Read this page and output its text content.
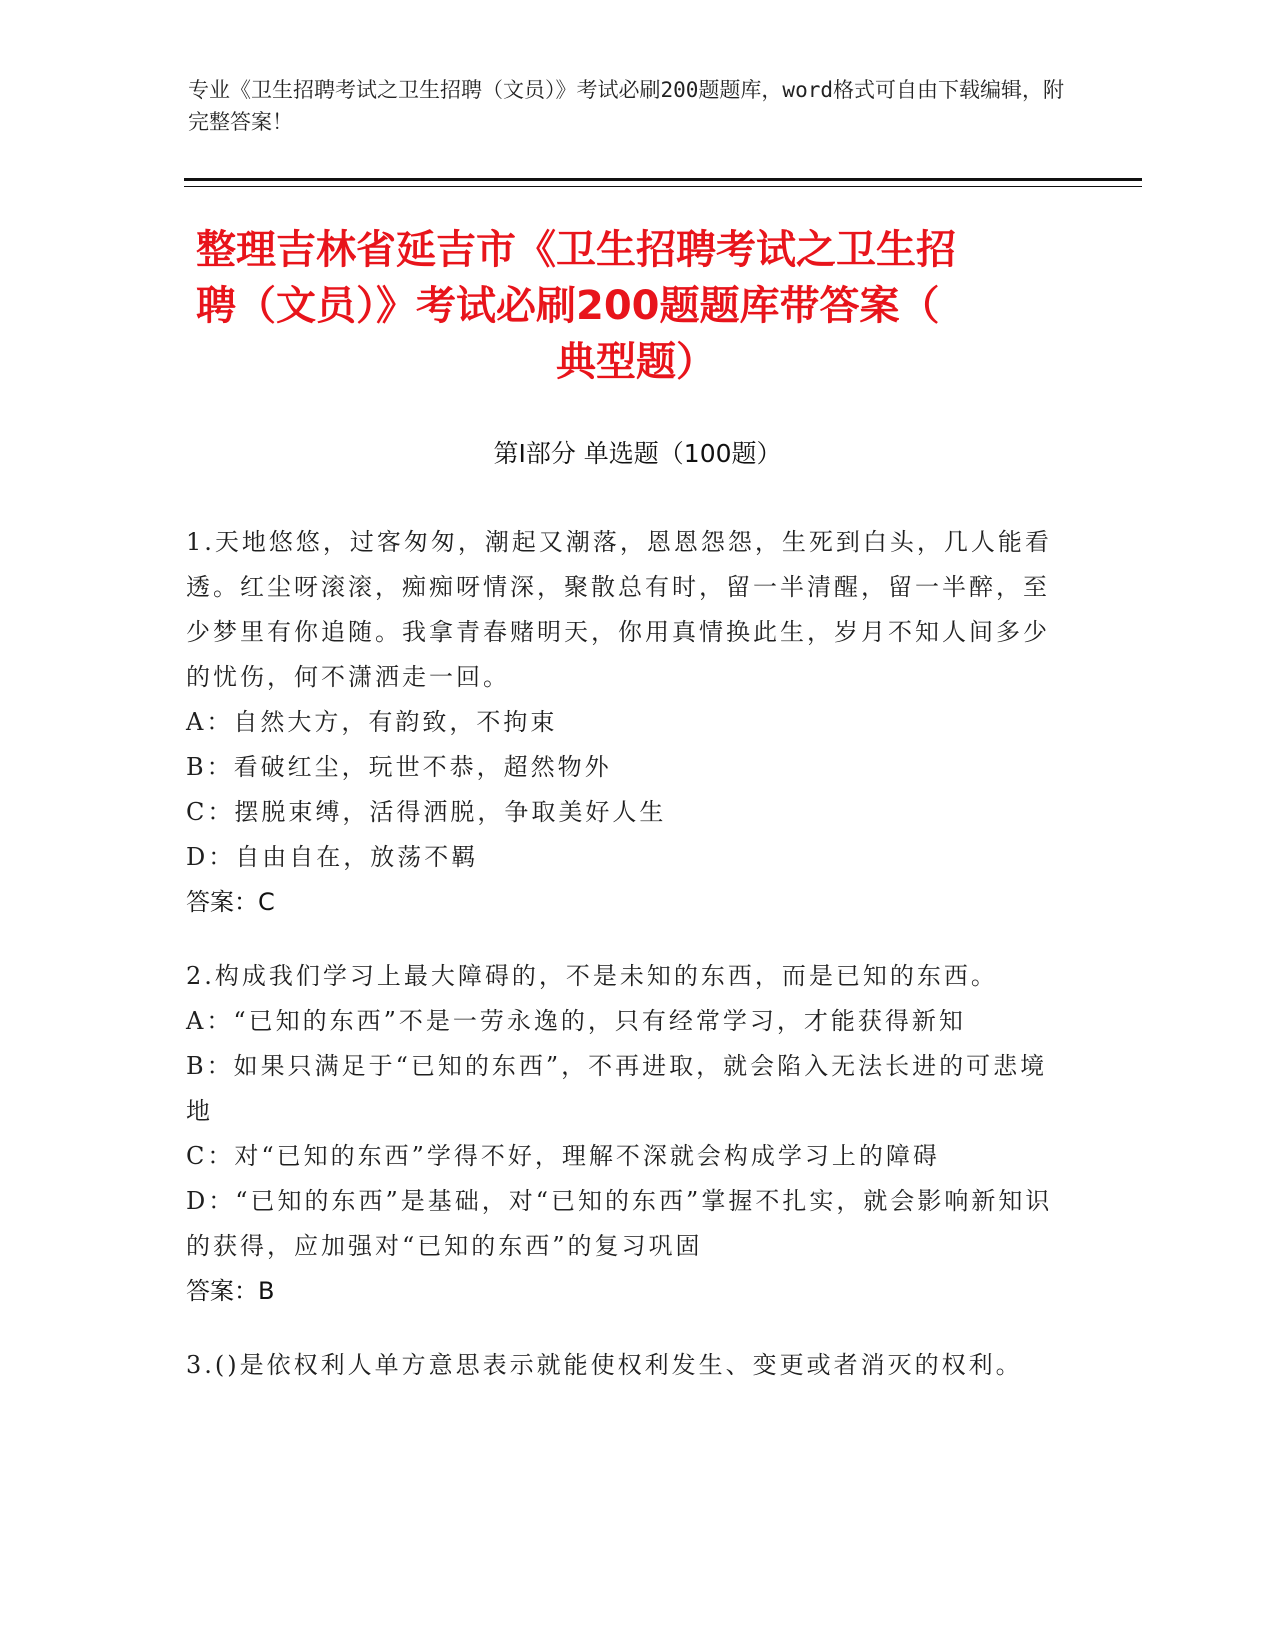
专业《卫生招聘考试之卫生招聘（文员）》考试必刷200题题库，word格式可自由下载编辑，附完整答案！
整理吉林省延吉市《卫生招聘考试之卫生招
聘（文员）》考试必刷200题题库带答案（
典型题）
第Ⅰ部分 单选题（100题）

1.天地悠悠，过客匆匆，潮起又潮落，恩恩怨怨，生死到白头，几人能看透。红尘呀滚滚，痴痴呀情深，聚散总有时，留一半清醒，留一半醉，至少梦里有你追随。我拿青春赌明天，你用真情换此生，岁月不知人间多少的忧伤，何不潇洒走一回。

A：自然大方，有韵致，不拘束

B：看破红尘，玩世不恭，超然物外

C：摆脱束缚，活得洒脱，争取美好人生

D：自由自在，放荡不羁

答案：C

2.构成我们学习上最大障碍的，不是未知的东西，而是已知的东西。

A：“已知的东西”不是一劳永逸的，只有经常学习，才能获得新知

B：如果只满足于“已知的东西”，不再进取，就会陷入无法长进的可悲境地

C：对“已知的东西”学得不好，理解不深就会构成学习上的障碍

D：“已知的东西”是基础，对“已知的东西”掌握不扎实，就会影响新知识的获得，应加强对“已知的东西”的复习巩固

答案：B

3.()是依权利人单方意思表示就能使权利发生、变更或者消灭的权利。
